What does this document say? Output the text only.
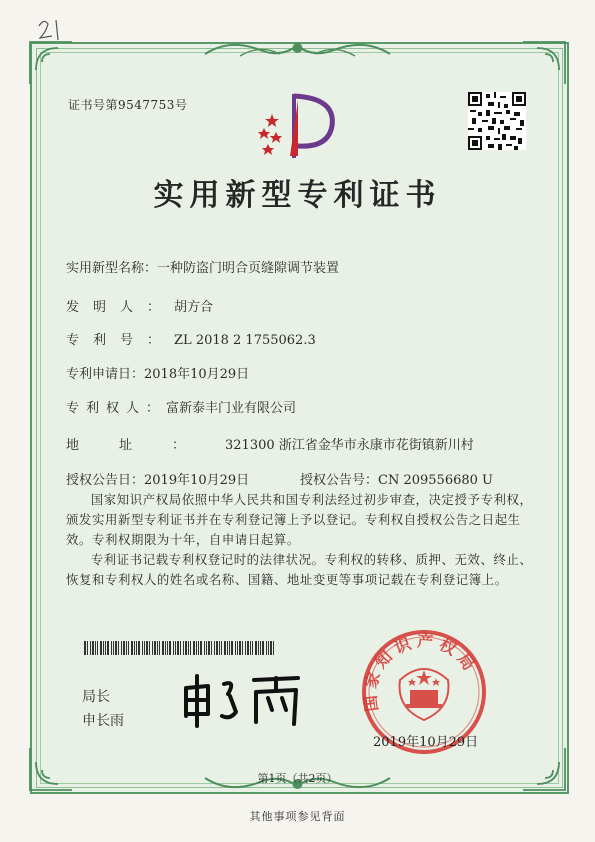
证书号第9547753号
实用新型专利证书
实用新型名称：一种防盗门明合页缝隙调节装置
发明人：胡方合
专利号：ZL 2018 2 1755062.3
专利申请日：2018年10月29日
专利权人：富新泰丰门业有限公司
地址：321300 浙江省金华市永康市花街镇新川村
授权公告日：2019年10月29日	授权公告号：CN 209556680 U
国家知识产权局依照中华人民共和国专利法经过初步审查，决定授予专利权，颁发实用新型专利证书并在专利登记簿上予以登记。专利权自授权公告之日起生效。专利权期限为十年，自申请日起算。
专利证书记载专利权登记时的法律状况。专利权的转移、质押、无效、终止、恢复和专利权人的姓名或名称、国籍、地址变更等事项记载在专利登记簿上。
局长
申长雨
国家知识产权局
2019年10月29日
第1页（共2页）
其他事项参见背面
